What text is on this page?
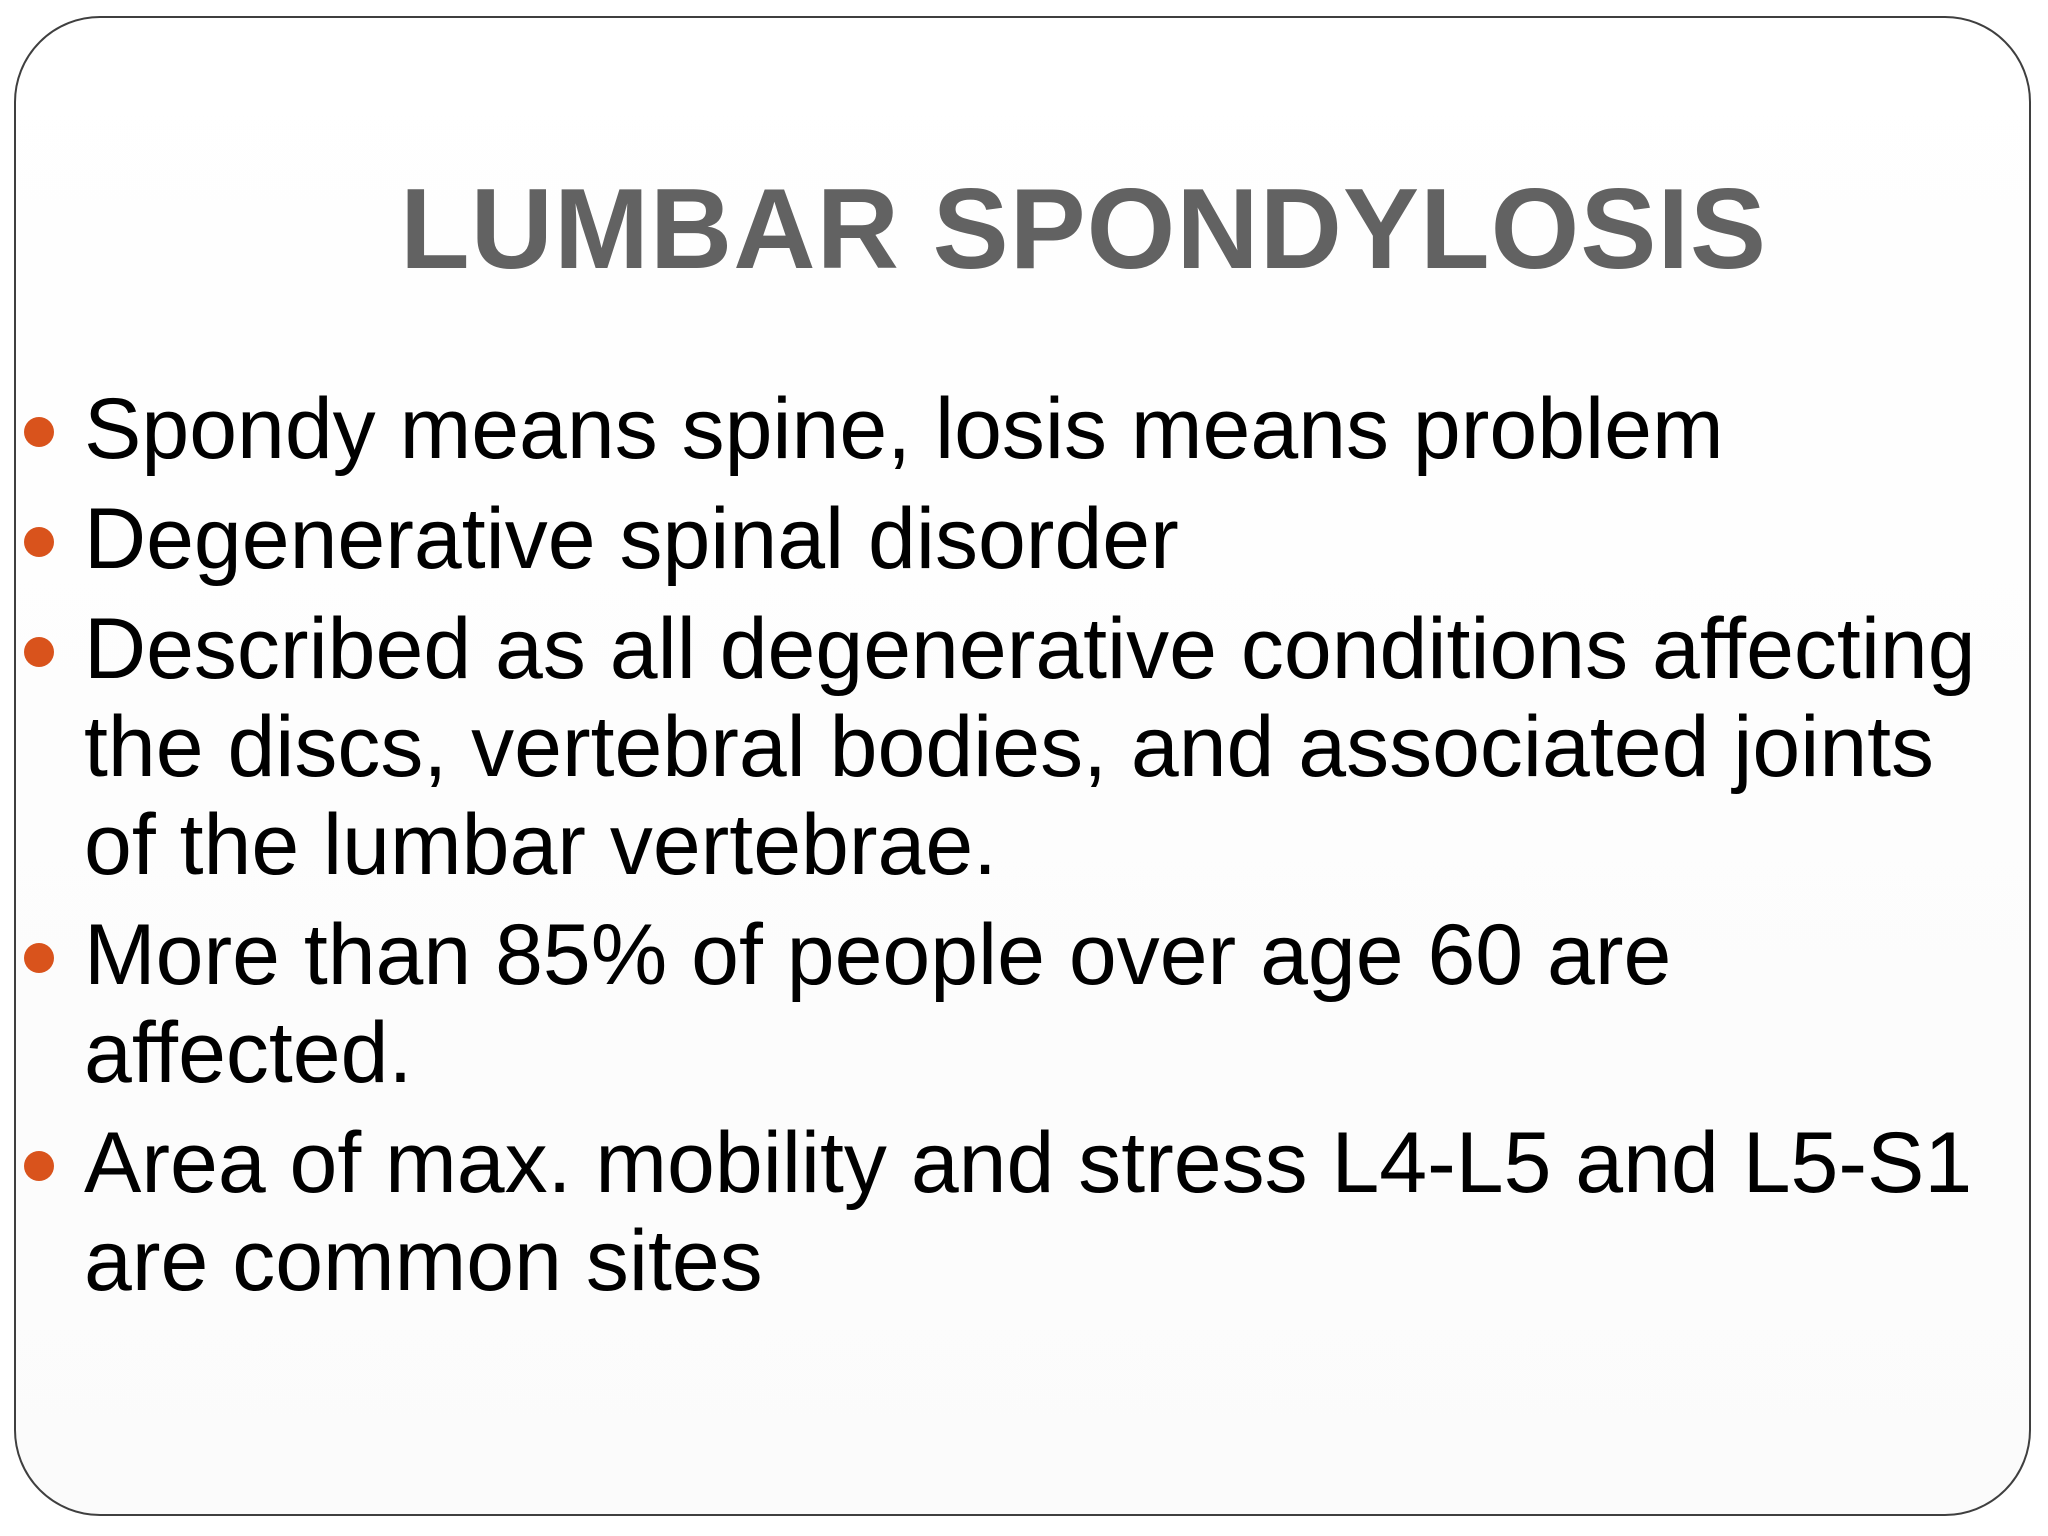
LUMBAR SPONDYLOSIS
Spondy means spine, losis means problem
Degenerative spinal disorder
Described as all degenerative conditions affecting the discs, vertebral bodies, and associated joints of the lumbar vertebrae.
More than 85% of people over age 60 are affected.
Area of max. mobility and stress L4-L5 and L5-S1 are common sites
